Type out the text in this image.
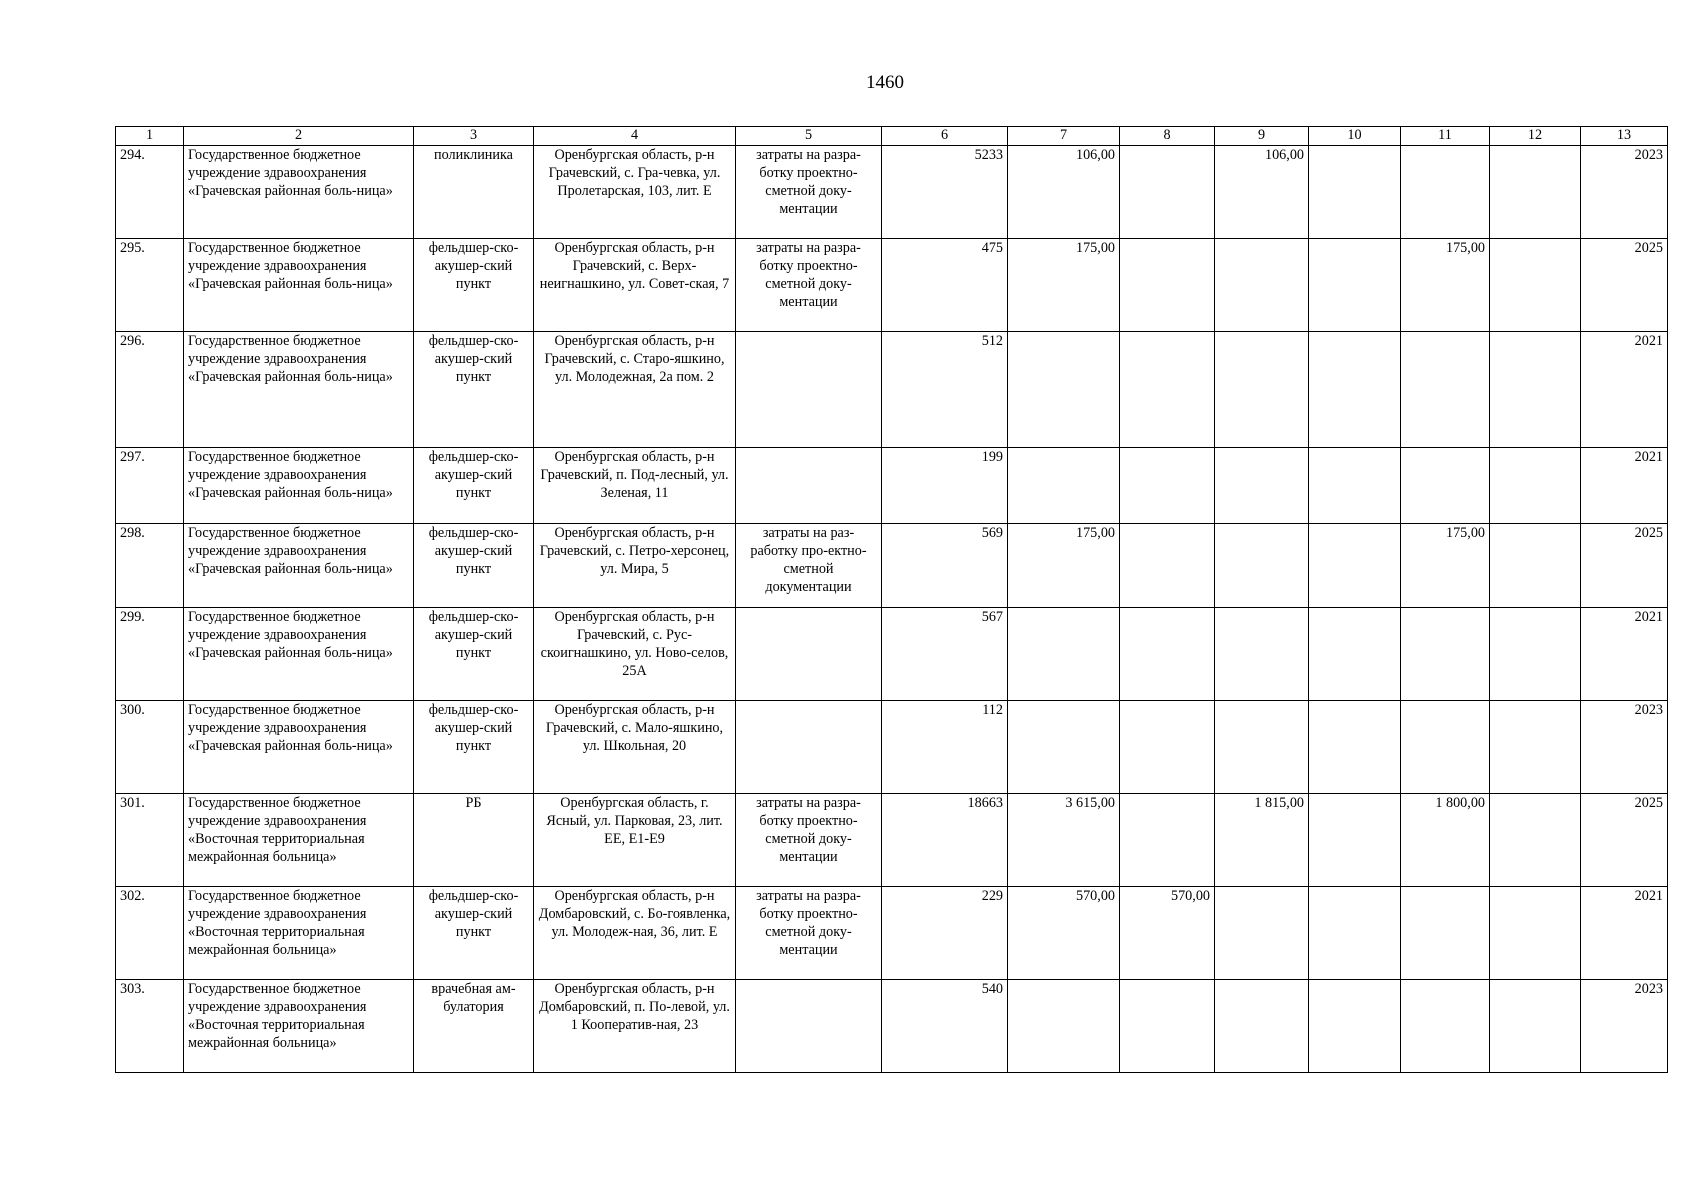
1460
1	2	3	4	5	6	7	8	9	10	11	12	13
294.	Государственное бюджетное учреждение здравоохранения «Грачевская районная боль-ница»	поликлиника	Оренбургская область, р-н Грачевский, с. Гра-чевка, ул. Пролетарская, 103, лит. Е	затраты на разра-ботку проектно-сметной доку-ментации	5233	106,00		106,00				2023
295.	Государственное бюджетное учреждение здравоохранения «Грачевская районная боль-ница»	фельдшер-ско-акушер-ский пункт	Оренбургская область, р-н Грачевский, с. Верх-неигнашкино, ул. Совет-ская, 7	затраты на разра-ботку проектно-сметной доку-ментации	475	175,00				175,00		2025
296.	Государственное бюджетное учреждение здравоохранения «Грачевская районная боль-ница»	фельдшер-ско-акушер-ский пункт	Оренбургская область, р-н Грачевский, с. Старо-яшкино, ул. Молодежная, 2а пом. 2		512							2021
297.	Государственное бюджетное учреждение здравоохранения «Грачевская районная боль-ница»	фельдшер-ско-акушер-ский пункт	Оренбургская область, р-н Грачевский, п. Под-лесный, ул. Зеленая, 11		199							2021
298.	Государственное бюджетное учреждение здравоохранения «Грачевская районная боль-ница»	фельдшер-ско-акушер-ский пункт	Оренбургская область, р-н Грачевский, с. Петро-херсонец, ул. Мира, 5	затраты на раз-работку про-ектно-сметной документации	569	175,00				175,00		2025
299.	Государственное бюджетное учреждение здравоохранения «Грачевская районная боль-ница»	фельдшер-ско-акушер-ский пункт	Оренбургская область, р-н Грачевский, с. Рус-скоигнашкино, ул. Ново-селов, 25А		567							2021
300.	Государственное бюджетное учреждение здравоохранения «Грачевская районная боль-ница»	фельдшер-ско-акушер-ский пункт	Оренбургская область, р-н Грачевский, с. Мало-яшкино, ул. Школьная, 20		112							2023
301.	Государственное бюджетное учреждение здравоохранения «Восточная территориальная межрайонная больница»	РБ	Оренбургская область, г. Ясный, ул. Парковая, 23, лит. ЕЕ, Е1-Е9	затраты на разра-ботку проектно-сметной доку-ментации	18663	3 615,00		1 815,00		1 800,00		2025
302.	Государственное бюджетное учреждение здравоохранения «Восточная территориальная межрайонная больница»	фельдшер-ско-акушер-ский пункт	Оренбургская область, р-н Домбаровский, с. Бо-гоявленка, ул. Молодеж-ная, 36, лит. Е	затраты на разра-ботку проектно-сметной доку-ментации	229	570,00	570,00					2021
303.	Государственное бюджетное учреждение здравоохранения «Восточная территориальная межрайонная больница»	врачебная ам-булатория	Оренбургская область, р-н Домбаровский, п. По-левой, ул. 1 Кооператив-ная, 23		540							2023
